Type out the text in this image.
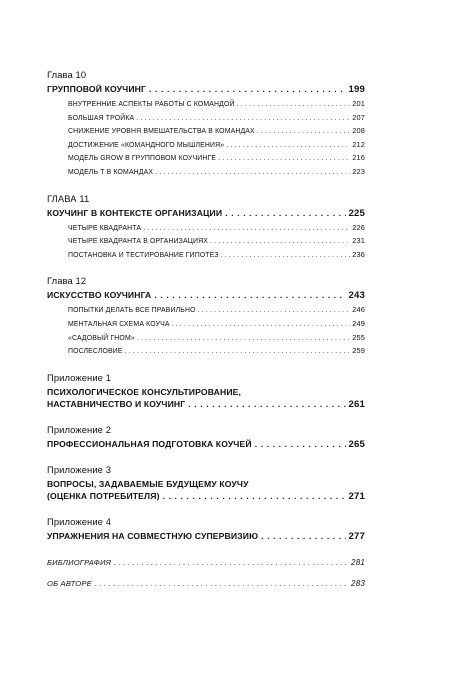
Глава 10
ГРУППОВОЙ КОУЧИНГ . . .	199
ВНУТРЕННИЕ АСПЕКТЫ РАБОТЫ С КОМАНДОЙ . . .	201
БОЛЬШАЯ ТРОЙКА . . .	207
СНИЖЕНИЕ УРОВНЯ ВМЕШАТЕЛЬСТВА В КОМАНДАХ . . .	208
ДОСТИЖЕНИЕ «КОМАНДНОГО МЫШЛЕНИЯ» . . .	212
МОДЕЛЬ GROW В ГРУППОВОМ КОУЧИНГЕ . . .	216
МОДЕЛЬ Т В КОМАНДАХ . . .	223
ГЛАВА 11
КОУЧИНГ В КОНТЕКСТЕ ОРГАНИЗАЦИИ . . .	225
ЧЕТЫРЕ КВАДРАНТА . . .	226
ЧЕТЫРЕ КВАДРАНТА В ОРГАНИЗАЦИЯХ . . .	231
ПОСТАНОВКА И ТЕСТИРОВАНИЕ ГИПОТЕЗ . . .	236
Глава 12
ИСКУССТВО КОУЧИНГА . . .	243
ПОПЫТКИ ДЕЛАТЬ ВСЕ ПРАВИЛЬНО . . .	246
МЕНТАЛЬНАЯ СХЕМА КОУЧА . . .	249
«САДОВЫЙ ГНОМ» . . .	255
ПОСЛЕСЛОВИЕ . . .	259
Приложение 1
ПСИХОЛОГИЧЕСКОЕ КОНСУЛЬТИРОВАНИЕ,
НАСТАВНИЧЕСТВО И КОУЧИНГ . . .	261
Приложение 2
ПРОФЕССИОНАЛЬНАЯ ПОДГОТОВКА КОУЧЕЙ . . .	265
Приложение 3
ВОПРОСЫ, ЗАДАВАЕМЫЕ БУДУЩЕМУ КОУЧУ
(ОЦЕНКА ПОТРЕБИТЕЛЯ) . . .	271
Приложение 4
УПРАЖНЕНИЯ НА СОВМЕСТНУЮ СУПЕРВИЗИЮ . . .	277
БИБЛИОГРАФИЯ . . .	281
ОБ АВТОРЕ . . .	283
